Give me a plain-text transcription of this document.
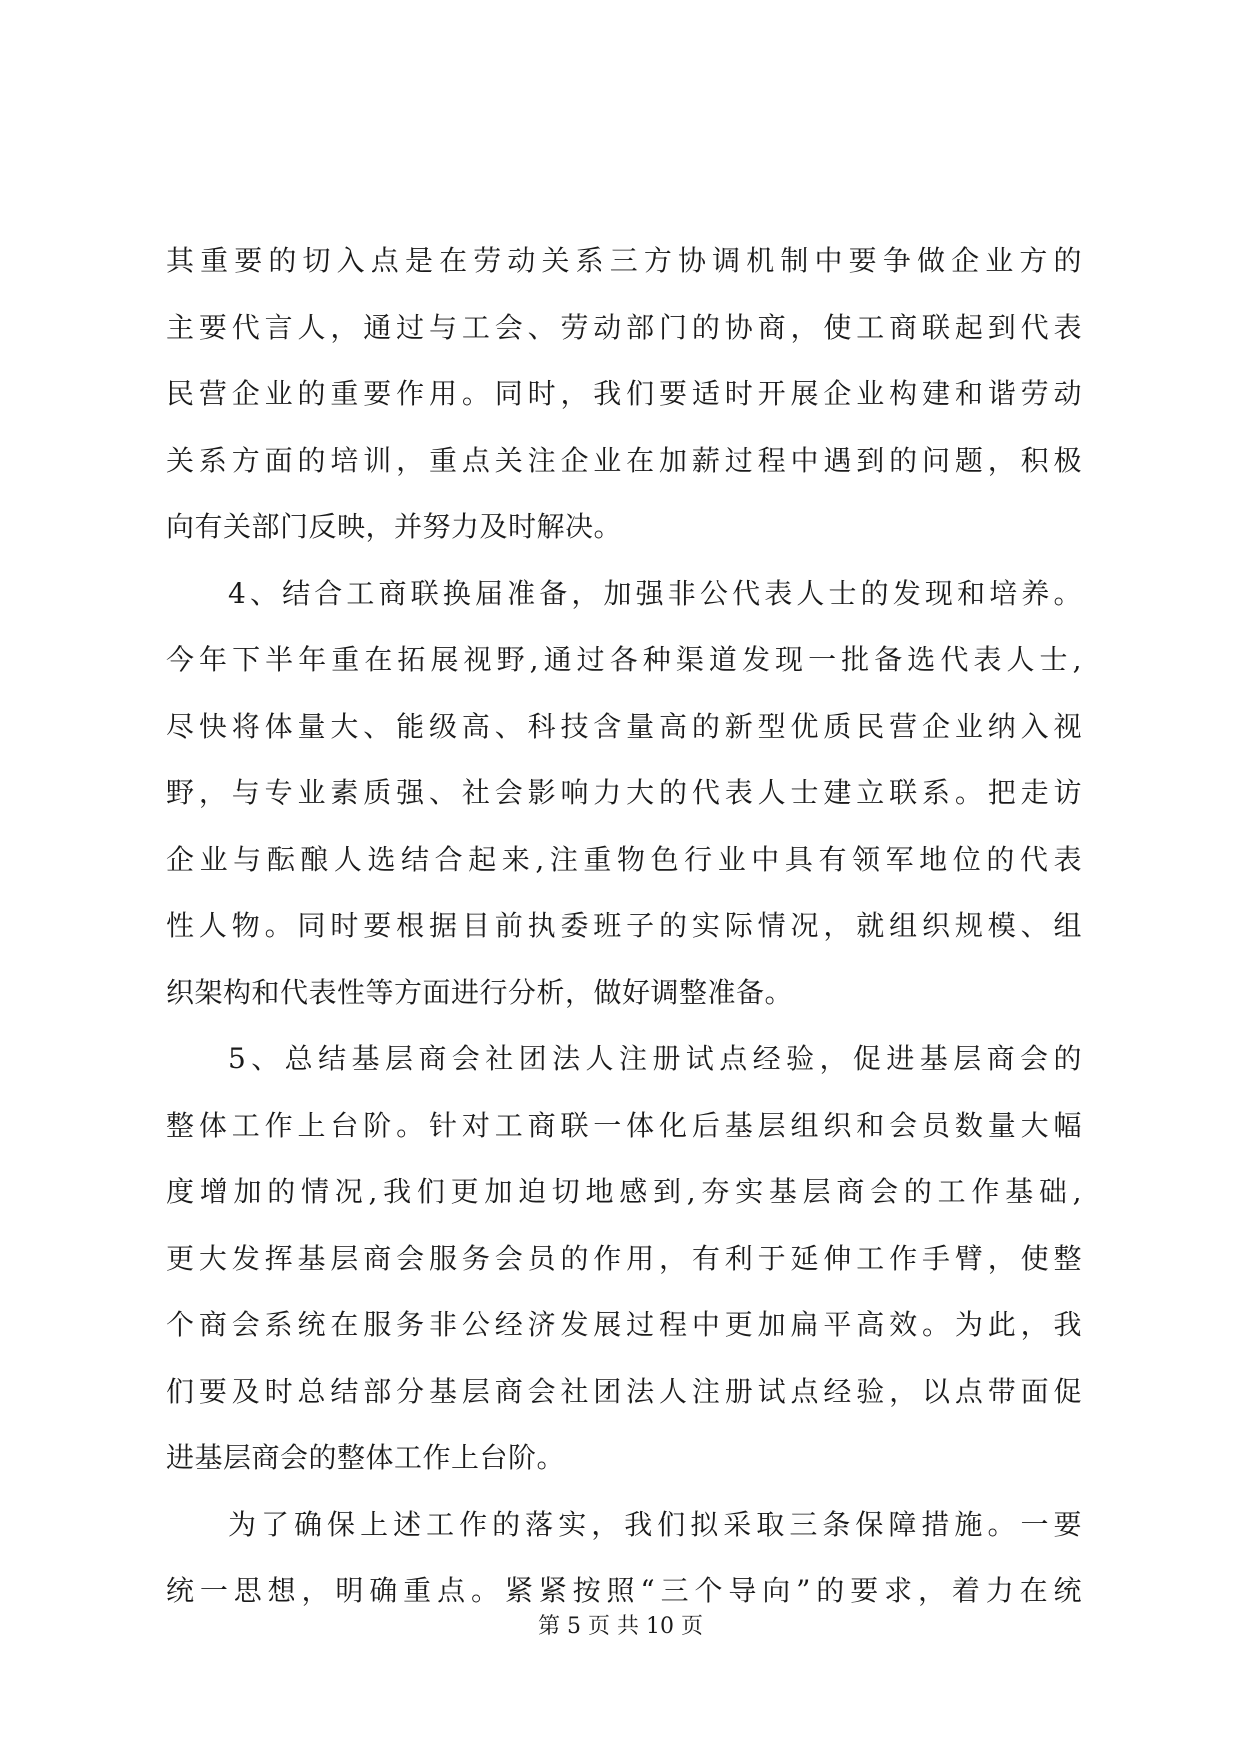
其重要的切入点是在劳动关系三方协调机制中要争做企业方的
主要代言人，通过与工会、劳动部门的协商，使工商联起到代表
民营企业的重要作用。同时，我们要适时开展企业构建和谐劳动
关系方面的培训，重点关注企业在加薪过程中遇到的问题，积极
向有关部门反映，并努力及时解决。
4、结合工商联换届准备，加强非公代表人士的发现和培养。
今年下半年重在拓展视野,通过各种渠道发现一批备选代表人士,
尽快将体量大、能级高、科技含量高的新型优质民营企业纳入视
野，与专业素质强、社会影响力大的代表人士建立联系。把走访
企业与酝酿人选结合起来,注重物色行业中具有领军地位的代表
性人物。同时要根据目前执委班子的实际情况，就组织规模、组
织架构和代表性等方面进行分析，做好调整准备。
5、总结基层商会社团法人注册试点经验，促进基层商会的
整体工作上台阶。针对工商联一体化后基层组织和会员数量大幅
度增加的情况,我们更加迫切地感到,夯实基层商会的工作基础,
更大发挥基层商会服务会员的作用，有利于延伸工作手臂，使整
个商会系统在服务非公经济发展过程中更加扁平高效。为此，我
们要及时总结部分基层商会社团法人注册试点经验，以点带面促
进基层商会的整体工作上台阶。
为了确保上述工作的落实，我们拟采取三条保障措施。一要
统一思想，明确重点。紧紧按照“三个导向”的要求，着力在统
第 5 页 共 10 页
